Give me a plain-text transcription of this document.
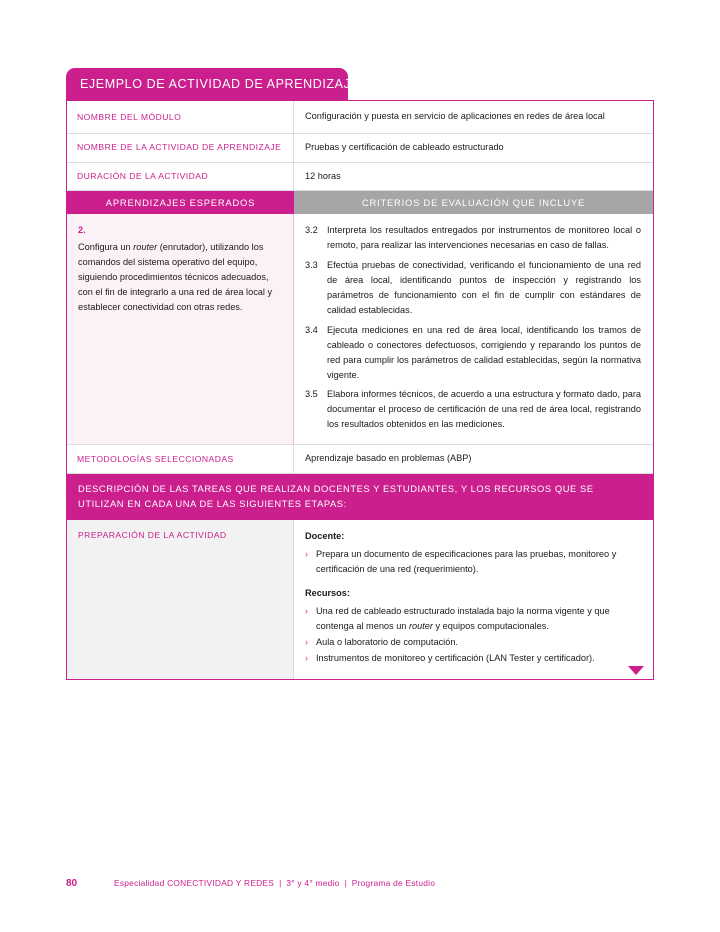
EJEMPLO DE ACTIVIDAD DE APRENDIZAJE
NOMBRE DEL MÓDULO	Configuración y puesta en servicio de aplicaciones en redes de área local
NOMBRE DE LA ACTIVIDAD DE APRENDIZAJE	Pruebas y certificación de cableado estructurado
DURACIÓN DE LA ACTIVIDAD	12 horas
APRENDIZAJES ESPERADOS	CRITERIOS DE EVALUACIÓN QUE INCLUYE
2.
Configura un router (enrutador), utilizando los comandos del sistema operativo del equipo, siguiendo procedimientos técnicos adecuados, con el fin de integrarlo a una red de área local y establecer conectividad con otras redes.
3.2	Interpreta los resultados entregados por instrumentos de monitoreo local o remoto, para realizar las intervenciones necesarias en caso de fallas.
3.3	Efectúa pruebas de conectividad, verificando el funcionamiento de una red de área local, identificando puntos de inspección y registrando los parámetros de funcionamiento con el fin de cumplir con estándares de calidad establecidas.
3.4	Ejecuta mediciones en una red de área local, identificando los tramos de cableado o conectores defectuosos, corrigiendo y reparando los puntos de red para cumplir los parámetros de calidad establecidas, según la normativa vigente.
3.5	Elabora informes técnicos, de acuerdo a una estructura y formato dado, para documentar el proceso de certificación de una red de área local, registrando los resultados obtenidos en las mediciones.
METODOLOGÍAS SELECCIONADAS	Aprendizaje basado en problemas (ABP)
DESCRIPCIÓN DE LAS TAREAS QUE REALIZAN DOCENTES Y ESTUDIANTES, Y LOS RECURSOS QUE SE UTILIZAN EN CADA UNA DE LAS SIGUIENTES ETAPAS:
PREPARACIÓN DE LA ACTIVIDAD	Docente:
› Prepara un documento de especificaciones para las pruebas, monitoreo y certificación de una red (requerimiento).
Recursos:
› Una red de cableado estructurado instalada bajo la norma vigente y que contenga al menos un router y equipos computacionales.
› Aula o laboratorio de computación.
› Instrumentos de monitoreo y certificación (LAN Tester y certificador).
80	Especialidad CONECTIVIDAD Y REDES | 3° y 4° medio | Programa de Estudio
